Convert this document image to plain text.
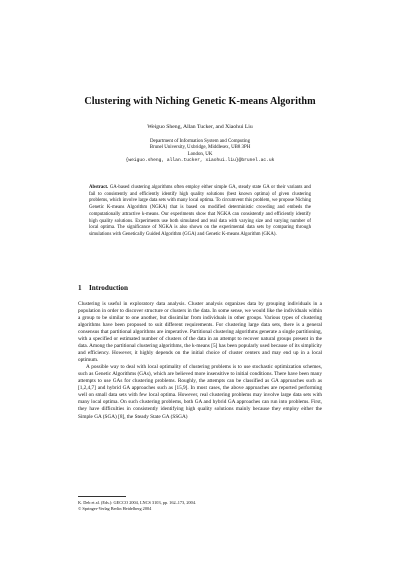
Clustering with Niching Genetic K-means Algorithm
Weiguo Sheng, Allan Tucker, and Xiaohui Liu
Department of Information System and Computing
Brunel University, Uxbridge, Middlesex, UB8 3PH
London, UK
{weiguo.sheng, allan.tucker, xiaohui.liu}@brunel.ac.uk
Abstract. GA-based clustering algorithms often employ either simple GA, steady state GA or their variants and fail to consistently and efficiently identify high quality solutions (best known optima) of given clustering problems, which involve large data sets with many local optima. To circumvent this problem, we propose Niching Genetic K-means Algorithm (NGKA) that is based on modified deterministic crowding and embeds the computationally attractive k-means. Our experiments show that NGKA can consistently and efficiently identify high quality solutions. Experiments use both simulated and real data with varying size and varying number of local optima. The significance of NGKA is also shown on the experimental data sets by comparing through simulations with Genetically Guided Algorithm (GGA) and Genetic K-means Algorithm (GKA).
1 Introduction

Clustering is useful in exploratory data analysis. Cluster analysis organizes data by grouping individuals in a population in order to discover structure or clusters in the data. In some sense, we would like the individuals within a group to be similar to one another, but dissimilar from individuals in other groups. Various types of clustering algorithms have been proposed to suit different requirements. For clustering large data sets, there is a general consensus that partitional algorithms are imperative. Partitional clustering algorithms generate a single partitioning, with a specified or estimated number of clusters of the data in an attempt to recover natural groups present in the data. Among the partitional clustering algorithms, the k-means [5] has been popularly used because of its simplicity and efficiency. However, it highly depends on the initial choice of cluster centers and may end up in a local optimum.

A possible way to deal with local optimality of clustering problems is to use stochastic optimization schemes, such as Genetic Algorithms (GAs), which are believed more insensitive to initial conditions. There have been many attempts to use GAs for clustering problems. Roughly, the attempts can be classified as GA approaches such as [1,2,4,7] and hybrid GA approaches such as [15,9]. In most cases, the above approaches are reported performing well on small data sets with few local optima. However, real clustering problems may involve large data sets with many local optima. On such clustering problems, both GA and hybrid GA approaches can run into problems. First, they have difficulties in consistently identifying high quality solutions mainly because they employ either the Simple GA (SGA) [8], the Steady State GA (SSGA)

K. Deb et al. (Eds.): GECCO 2004, LNCS 3103, pp. 162–173, 2004.
© Springer-Verlag Berlin Heidelberg 2004
